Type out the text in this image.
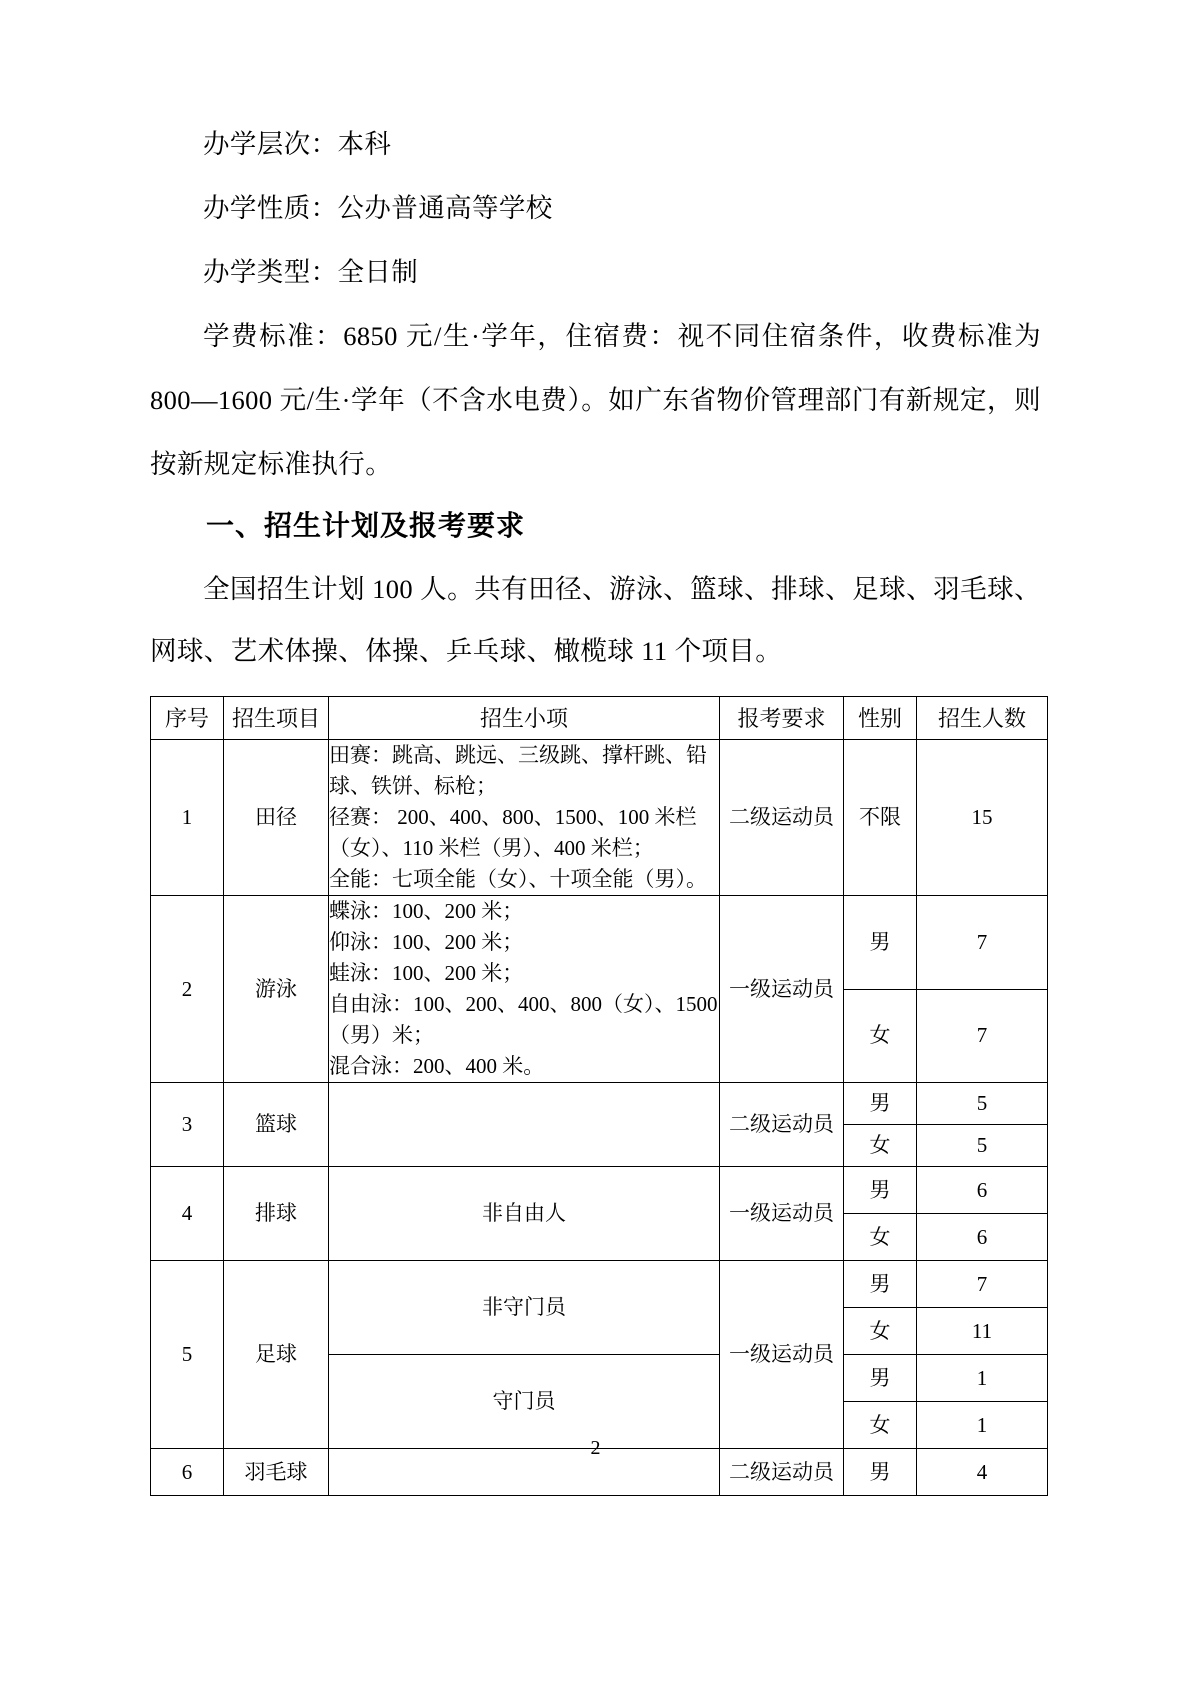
办学层次：本科

办学性质：公办普通高等学校

办学类型：全日制

学费标准：6850 元/生·学年，住宿费：视不同住宿条件，收费标准为 800—1600 元/生·学年（不含水电费）。如广东省物价管理部门有新规定，则按新规定标准执行。

一、招生计划及报考要求

全国招生计划 100 人。共有田径、游泳、篮球、排球、足球、羽毛球、网球、艺术体操、体操、乒乓球、橄榄球 11 个项目。

序号	招生项目	招生小项	报考要求	性别	招生人数
1	田径	田赛：跳高、跳远、三级跳、撑杆跳、铅
球、铁饼、标枪；
径赛： 200、400、800、1500、100 米栏
（女）、110 米栏（男）、400 米栏；
全能：七项全能（女）、十项全能（男）。	二级运动员	不限	15
2	游泳	
蝶泳：100、200 米；
仰泳：100、200 米；
蛙泳：100、200 米；
自由泳：100、200、400、800（女）、1500
（男）米；
混合泳：200、400 米。
	一级运动员	男	7
				女	7
3	篮球		二级运动员	男	5
				女	5
4	排球	非自由人	一级运动员	男	6
				女	6
5	足球	非守门员	一级运动员	男	7
				女	11
		守门员		男	1
				女	1
6	羽毛球		二级运动员	男	4
2
